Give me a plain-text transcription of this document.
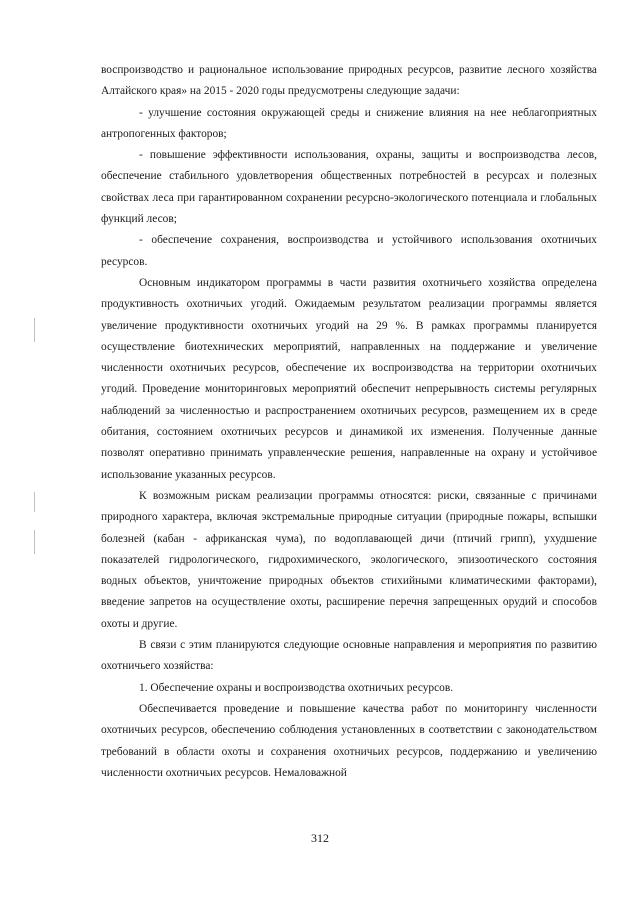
воспроизводство и рациональное использование природных ресурсов, развитие лесного хозяйства Алтайского края» на 2015 - 2020 годы предусмотрены следующие задачи:

- улучшение состояния окружающей среды и снижение влияния на нее неблагоприятных антропогенных факторов;

- повышение эффективности использования, охраны, защиты и воспроизводства лесов, обеспечение стабильного удовлетворения общественных потребностей в ресурсах и полезных свойствах леса при гарантированном сохранении ресурсно-экологического потенциала и глобальных функций лесов;

- обеспечение сохранения, воспроизводства и устойчивого использования охотничьих ресурсов.

Основным индикатором программы в части развития охотничьего хозяйства определена продуктивность охотничьих угодий. Ожидаемым результатом реализации программы является увеличение продуктивности охотничьих угодий на 29 %. В рамках программы планируется осуществление биотехнических мероприятий, направленных на поддержание и увеличение численности охотничьих ресурсов, обеспечение их воспроизводства на территории охотничьих угодий. Проведение мониторинговых мероприятий обеспечит непрерывность системы регулярных наблюдений за численностью и распространением охотничьих ресурсов, размещением их в среде обитания, состоянием охотничьих ресурсов и динамикой их изменения. Полученные данные позволят оперативно принимать управленческие решения, направленные на охрану и устойчивое использование указанных ресурсов.

К возможным рискам реализации программы относятся: риски, связанные с причинами природного характера, включая экстремальные природные ситуации (природные пожары, вспышки болезней (кабан - африканская чума), по водоплавающей дичи (птичий грипп), ухудшение показателей гидрологического, гидрохимического, экологического, эпизоотического состояния водных объектов, уничтожение природных объектов стихийными климатическими факторами), введение запретов на осуществление охоты, расширение перечня запрещенных орудий и способов охоты и другие.

В связи с этим планируются следующие основные направления и мероприятия по развитию охотничьего хозяйства:

1. Обеспечение охраны и воспроизводства охотничьих ресурсов.

Обеспечивается проведение и повышение качества работ по мониторингу численности охотничьих ресурсов, обеспечению соблюдения установленных в соответствии с законодательством требований в области охоты и сохранения охотничьих ресурсов, поддержанию и увеличению численности охотничьих ресурсов. Немаловажной

312
